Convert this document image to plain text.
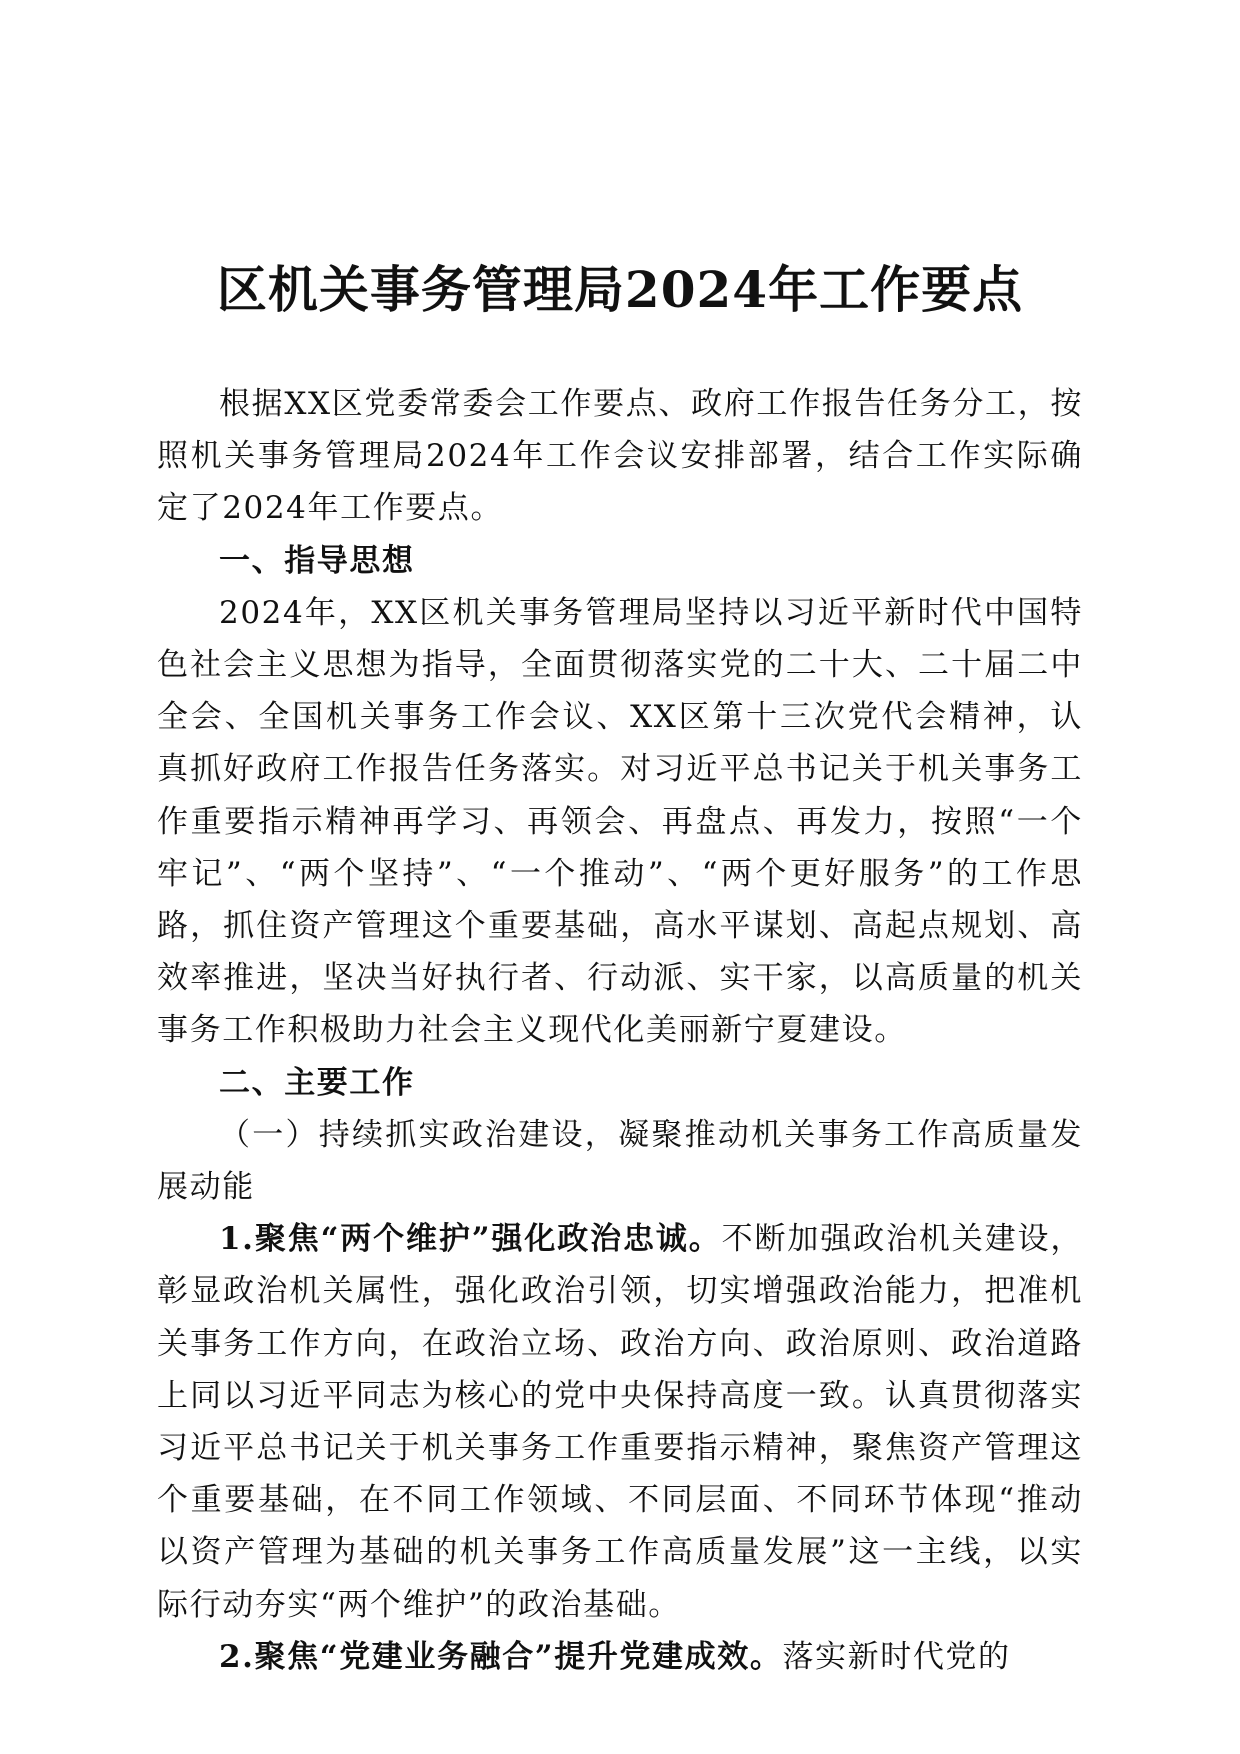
区机关事务管理局2024年工作要点

根据XX区党委常委会工作要点、政府工作报告任务分工，按照机关事务管理局2024年工作会议安排部署，结合工作实际确定了2024年工作要点。

一、指导思想

2024年，XX区机关事务管理局坚持以习近平新时代中国特色社会主义思想为指导，全面贯彻落实党的二十大、二十届二中全会、全国机关事务工作会议、XX区第十三次党代会精神，认真抓好政府工作报告任务落实。对习近平总书记关于机关事务工作重要指示精神再学习、再领会、再盘点、再发力，按照“一个牢记”、“两个坚持”、“一个推动”、“两个更好服务”的工作思路，抓住资产管理这个重要基础，高水平谋划、高起点规划、高效率推进，坚决当好执行者、行动派、实干家，以高质量的机关事务工作积极助力社会主义现代化美丽新宁夏建设。

二、主要工作

（一）持续抓实政治建设，凝聚推动机关事务工作高质量发展动能

1.聚焦“两个维护”强化政治忠诚。不断加强政治机关建设，彰显政治机关属性，强化政治引领，切实增强政治能力，把准机关事务工作方向，在政治立场、政治方向、政治原则、政治道路上同以习近平同志为核心的党中央保持高度一致。认真贯彻落实习近平总书记关于机关事务工作重要指示精神，聚焦资产管理这个重要基础，在不同工作领域、不同层面、不同环节体现“推动以资产管理为基础的机关事务工作高质量发展”这一主线，以实际行动夯实“两个维护”的政治基础。

2.聚焦“党建业务融合”提升党建成效。落实新时代党的
